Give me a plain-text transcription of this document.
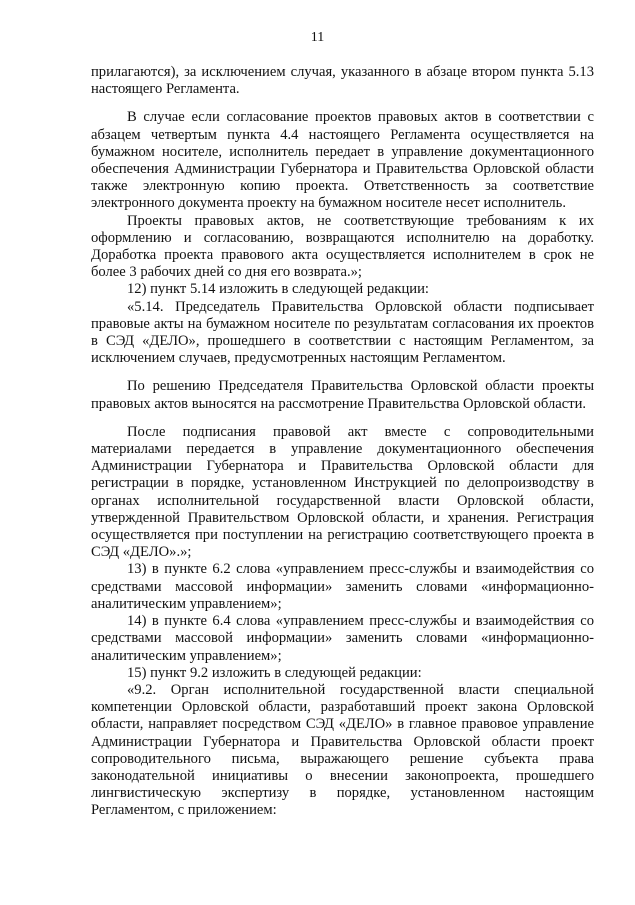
11

прилагаются), за исключением случая, указанного в абзаце втором пункта 5.13 настоящего Регламента.

В случае если согласование проектов правовых актов в соответствии с абзацем четвертым пункта 4.4 настоящего Регламента осуществляется на бумажном носителе, исполнитель передает в управление документационного обеспечения Администрации Губернатора и Правительства Орловской области также электронную копию проекта. Ответственность за соответствие электронного документа проекту на бумажном носителе несет исполнитель.

Проекты правовых актов, не соответствующие требованиям к их оформлению и согласованию, возвращаются исполнителю на доработку. Доработка проекта правового акта осуществляется исполнителем в срок не более 3 рабочих дней со дня его возврата.»;

12) пункт 5.14 изложить в следующей редакции:

«5.14. Председатель Правительства Орловской области подписывает правовые акты на бумажном носителе по результатам согласования их проектов в СЭД «ДЕЛО», прошедшего в соответствии с настоящим Регламентом, за исключением случаев, предусмотренных настоящим Регламентом.

По решению Председателя Правительства Орловской области проекты правовых актов выносятся на рассмотрение Правительства Орловской области.

После подписания правовой акт вместе с сопроводительными материалами передается в управление документационного обеспечения Администрации Губернатора и Правительства Орловской области для регистрации в порядке, установленном Инструкцией по делопроизводству в органах исполнительной государственной власти Орловской области, утвержденной Правительством Орловской области, и хранения. Регистрация осуществляется при поступлении на регистрацию соответствующего проекта в СЭД «ДЕЛО».»;

13) в пункте 6.2 слова «управлением пресс-службы и взаимодействия со средствами массовой информации» заменить словами «информационно-аналитическим управлением»;

14) в пункте 6.4 слова «управлением пресс-службы и взаимодействия со средствами массовой информации» заменить словами «информационно-аналитическим управлением»;

15) пункт 9.2 изложить в следующей редакции:

«9.2. Орган исполнительной государственной власти специальной компетенции Орловской области, разработавший проект закона Орловской области, направляет посредством СЭД «ДЕЛО» в главное правовое управление Администрации Губернатора и Правительства Орловской области проект сопроводительного письма, выражающего решение субъекта права законодательной инициативы о внесении законопроекта, прошедшего лингвистическую экспертизу в порядке, установленном настоящим Регламентом, с приложением:
